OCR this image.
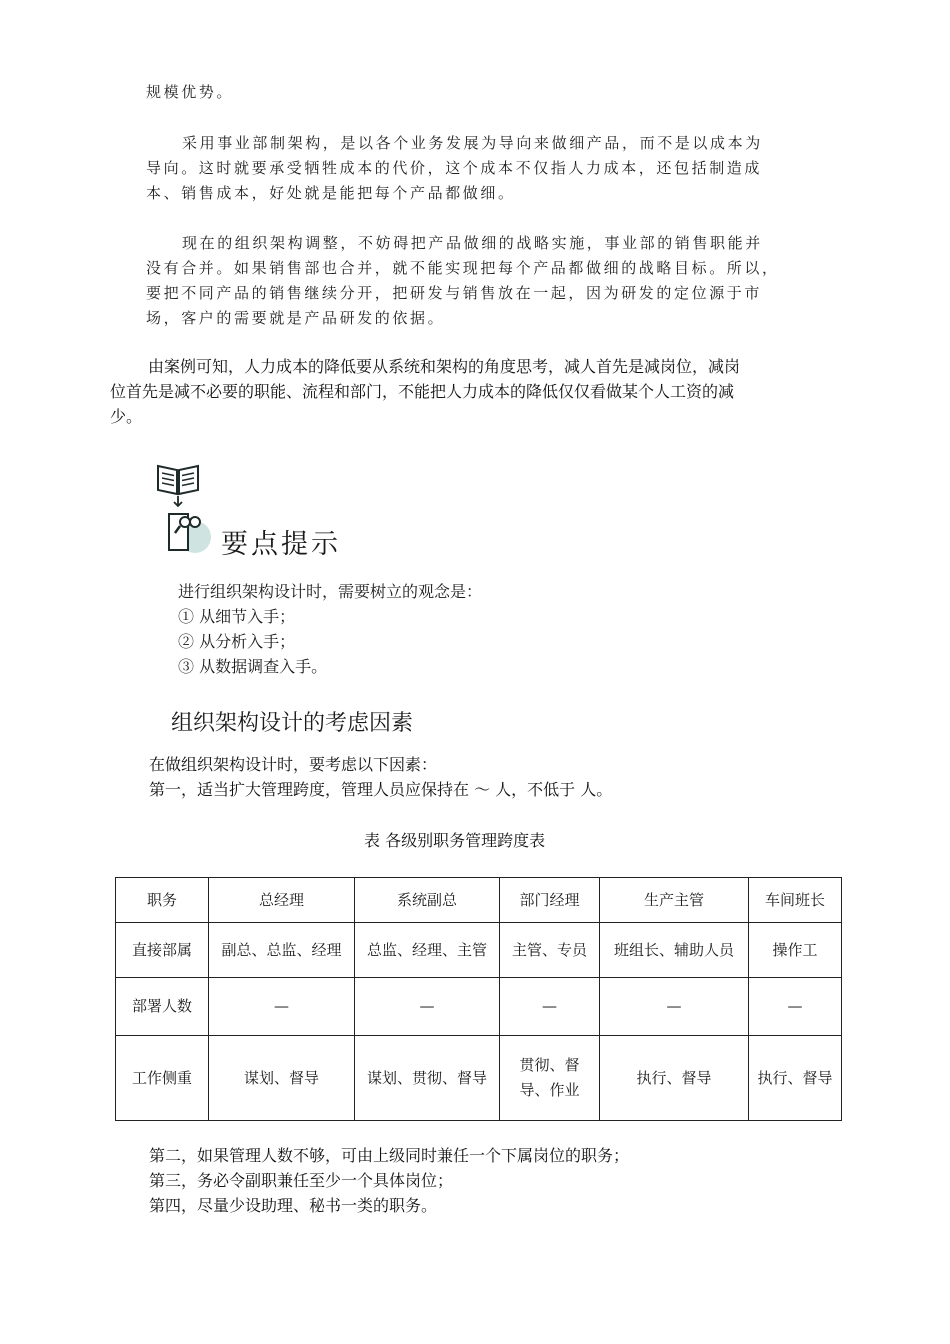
规模优势。
采用事业部制架构，是以各个业务发展为导向来做细产品，而不是以成本为
导向。这时就要承受牺牲成本的代价，这个成本不仅指人力成本，还包括制造成
本、销售成本，好处就是能把每个产品都做细。
现在的组织架构调整，不妨碍把产品做细的战略实施，事业部的销售职能并
没有合并。如果销售部也合并，就不能实现把每个产品都做细的战略目标。所以，
要把不同产品的销售继续分开，把研发与销售放在一起，因为研发的定位源于市
场，客户的需要就是产品研发的依据。
由案例可知，人力成本的降低要从系统和架构的角度思考，减人首先是减岗位，减岗
位首先是减不必要的职能、流程和部门，不能把人力成本的降低仅仅看做某个人工资的减
少。
要点提示
进行组织架构设计时，需要树立的观念是：
① 从细节入手；
② 从分析入手；
③ 从数据调查入手。
组织架构设计的考虑因素
在做组织架构设计时，要考虑以下因素：
第一，适当扩大管理跨度，管理人员应保持在 ～ 人，不低于 人。
表 各级别职务管理跨度表
职务	总经理	系统副总	部门经理	生产主管	车间班长
直接部属	副总、总监、经理	总监、经理、主管	主管、专员	班组长、辅助人员	操作工
部署人数	—	—	—	—	—
工作侧重	谋划、督导	谋划、贯彻、督导	贯彻、督导、作业	执行、督导	执行、督导
第二，如果管理人数不够，可由上级同时兼任一个下属岗位的职务；
第三，务必令副职兼任至少一个具体岗位；
第四，尽量少设助理、秘书一类的职务。
